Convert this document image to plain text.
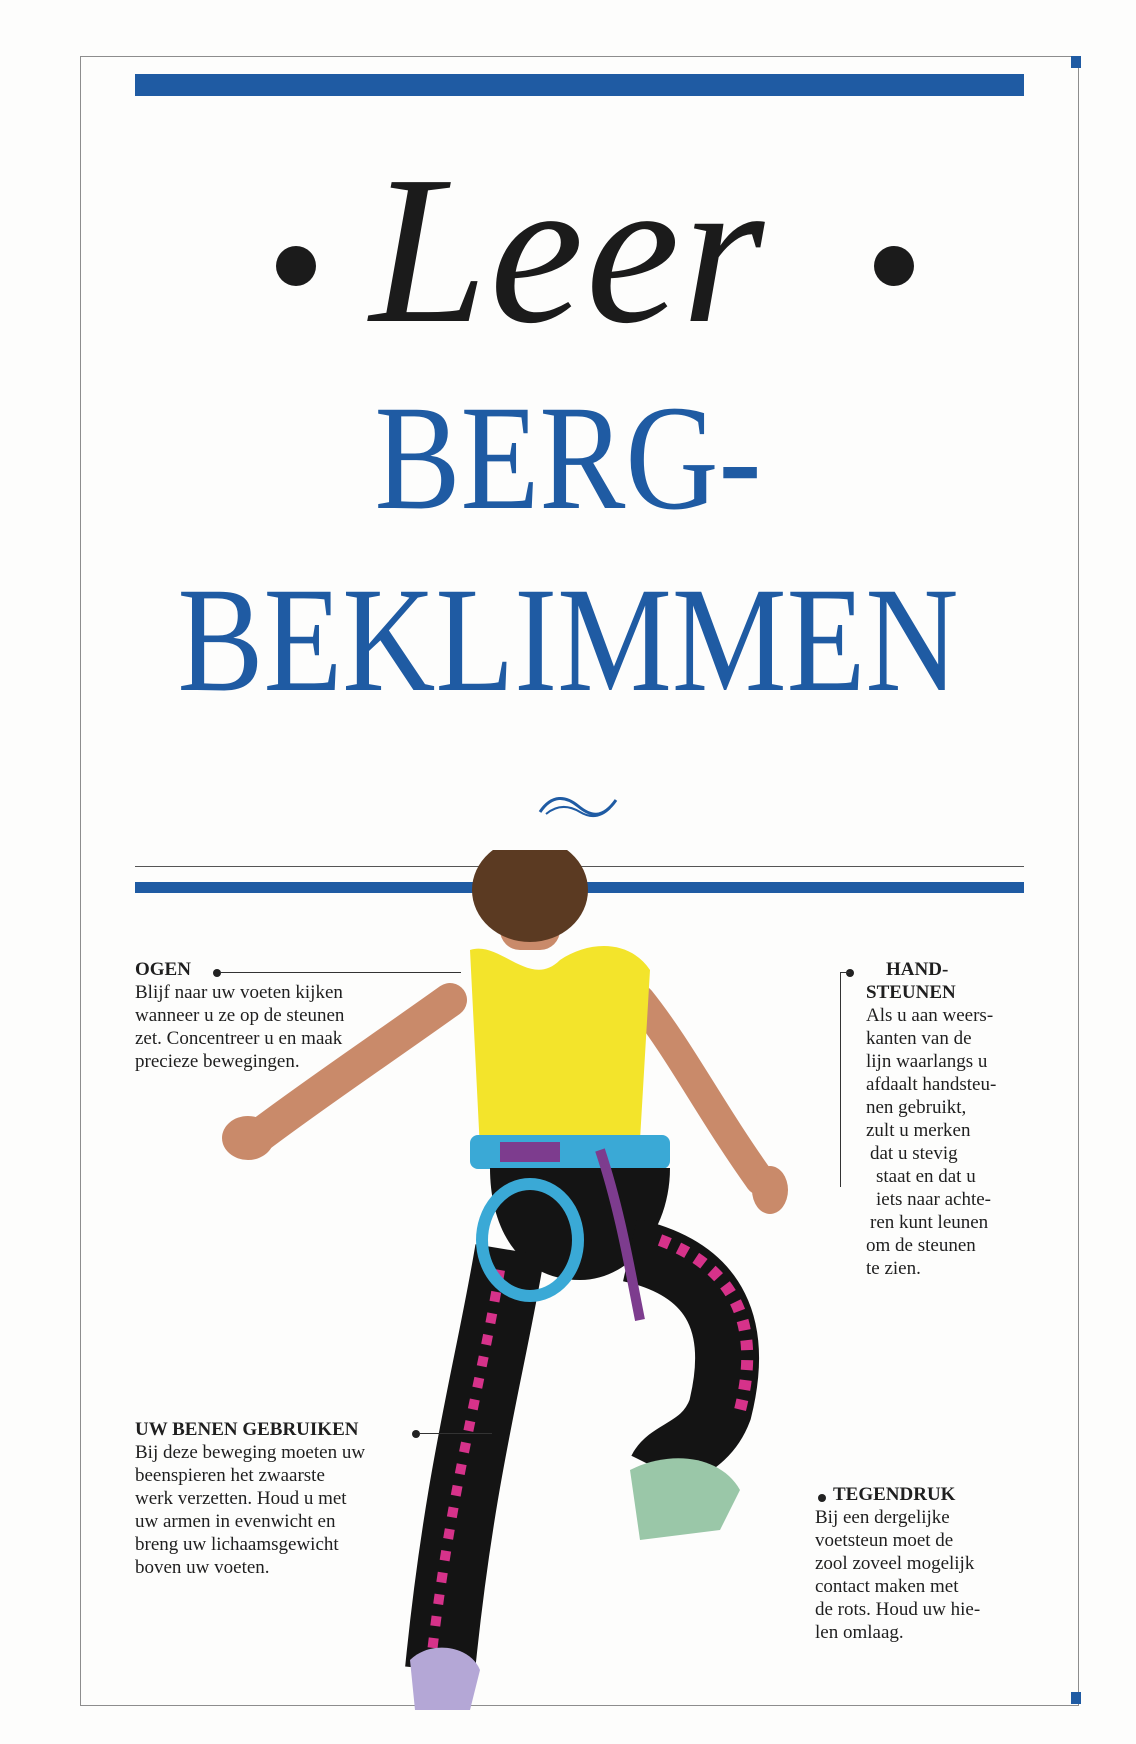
Leer
BERG-
BEKLIMMEN
OGEN
Blijf naar uw voeten kijken
wanneer u ze op de steunen
zet. Concentreer u en maak
precieze bewegingen.
HAND-
STEUNEN
Als u aan weers-
kanten van de
lijn waarlangs u
afdaalt handsteu-
nen gebruikt,
zult u merken
dat u stevig
staat en dat u
iets naar achte-
ren kunt leunen
om de steunen
te zien.
UW BENEN GEBRUIKEN
Bij deze beweging moeten uw
beenspieren het zwaarste
werk verzetten. Houd u met
uw armen in evenwicht en
breng uw lichaamsgewicht
boven uw voeten.
TEGENDRUK
Bij een dergelijke
voetsteun moet de
zool zoveel mogelijk
contact maken met
de rots. Houd uw hie-
len omlaag.
